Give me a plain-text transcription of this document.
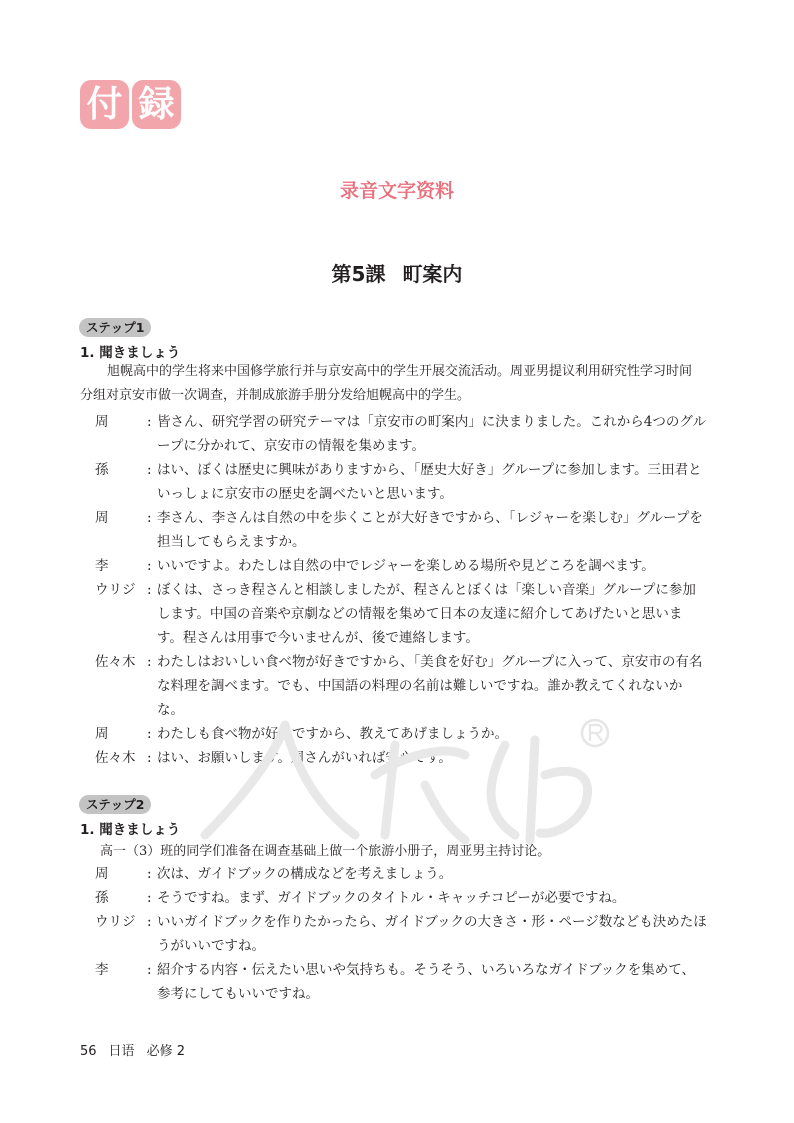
付 録
录音文字资料
第5課 町案内
ステップ1
1. 聞きましょう

旭幌高中的学生将来中国修学旅行并与京安高中的学生开展交流活动。周亚男提议利用研究性学习时间分组对京安市做一次调查，并制成旅游手册分发给旭幌高中的学生。

周	: 皆さん、研究学習の研究テーマは「京安市の町案内」に決まりました。これから4つのグループに分かれて、京安市の情報を集めます。
孫	: はい、ぼくは歴史に興味がありますから、「歴史大好き」グループに参加します。三田君といっしょに京安市の歴史を調べたいと思います。
周	: 李さん、李さんは自然の中を歩くことが大好きですから、「レジャーを楽しむ」グループを担当してもらえますか。
李	: いいですよ。わたしは自然の中でレジャーを楽しめる場所や見どころを調べます。
ウリジ : ぼくは、さっき程さんと相談しましたが、程さんとぼくは「楽しい音楽」グループに参加します。中国の音楽や京劇などの情報を集めて日本の友達に紹介してあげたいと思います。程さんは用事で今いませんが、後で連絡します。
佐々木 : わたしはおいしい食べ物が好きですから、「美食を好む」グループに入って、京安市の有名な料理を調べます。でも、中国語の料理の名前は難しいですね。誰か教えてくれないかな。
周	: わたしも食べ物が好きですから、教えてあげましょうか。
佐々木 : はい、お願いします。周さんがいれば安心です。
ステップ2
1. 聞きましょう

高一（3）班的同学们准备在调查基础上做一个旅游小册子，周亚男主持讨论。

周	: 次は、ガイドブックの構成などを考えましょう。
孫	: そうですね。まず、ガイドブックのタイトル・キャッチコピーが必要ですね。
ウリジ : いいガイドブックを作りたかったら、ガイドブックの大きさ・形・ページ数なども決めたほうがいいですね。
李	: 紹介する内容・伝えたい思いや気持ちも。そうそう、いろいろなガイドブックを集めて、参考にしてもいいですね。
56 日语 必修 2
